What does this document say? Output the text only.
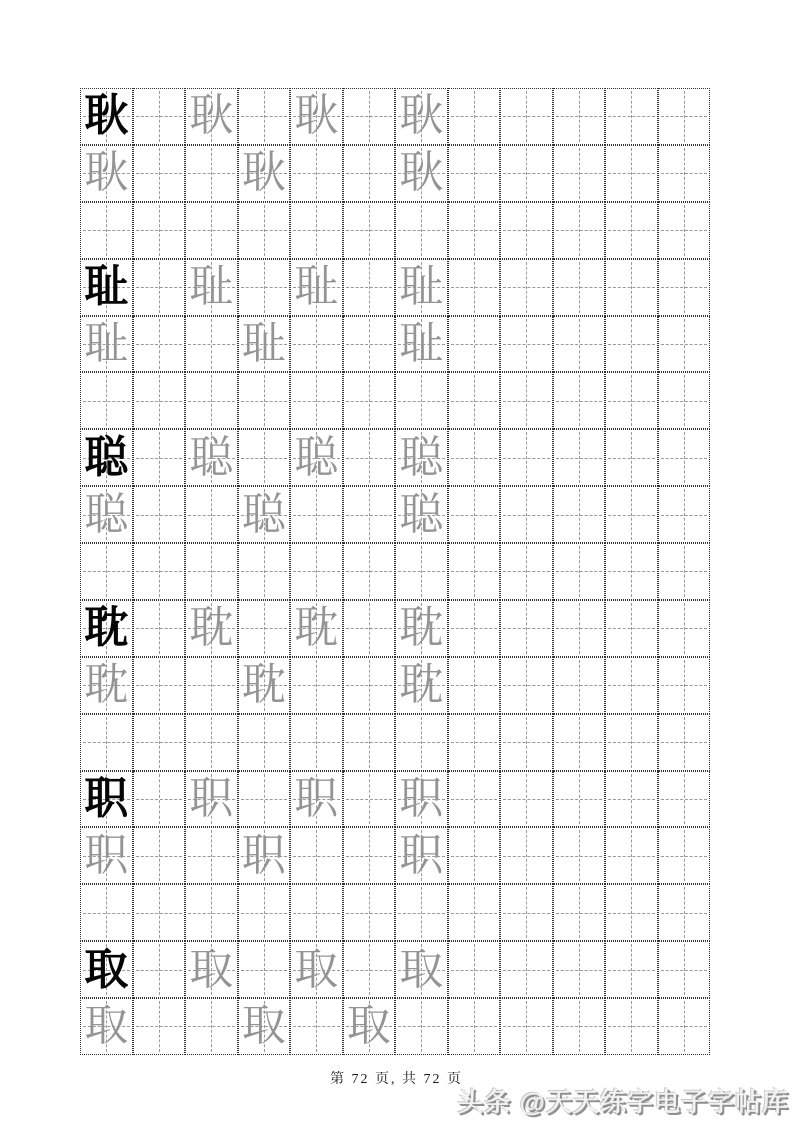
耿 耿 耿 耿
耿	耿	耿
耻 耻 耻 耻
耻	耻	耻
聪 聪 聪 聪
聪	聪	聪
耽 耽 耽 耽
耽	耽	耽
职 职 职 职
职	职	职
取 取 取 取
取	取 取
第 72 页, 共 72 页
头条 @天天练字电子字帖库
